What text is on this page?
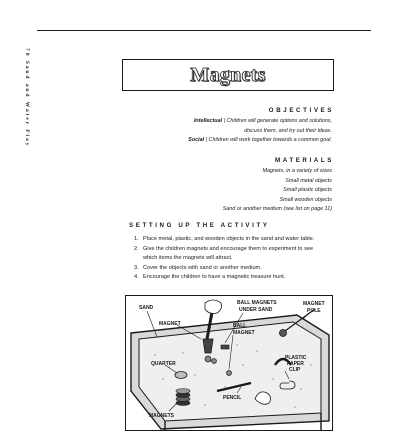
70 Sand and Water Play	Magnets
OBJECTIVES
Intellectual | Children will generate options and solutions,
discuss them, and try out their ideas.
Social | Children will work together towards a common goal.
MATERIALS
Magnets, in a variety of sizes
Small metal objects
Small plastic objects
Small wooden objects
Sand or another medium (see list on page 11)
SETTING UP THE ACTIVITY
1. Place metal, plastic, and wooden objects in the sand and water table.
2. Give the children magnets and encourage them to experiment to see
which items the magnets will attract.
3. Cover the objects with sand or another medium.
4. Encourage the children to have a magnetic treasure hunt.
SAND
MAGNET
BALL MAGNETS
UNDER SAND
MAGNET
POLE
BALL
MAGNET
QUARTER
PLASTIC
PAPER
CLIP
PENCIL
MAGNETS
